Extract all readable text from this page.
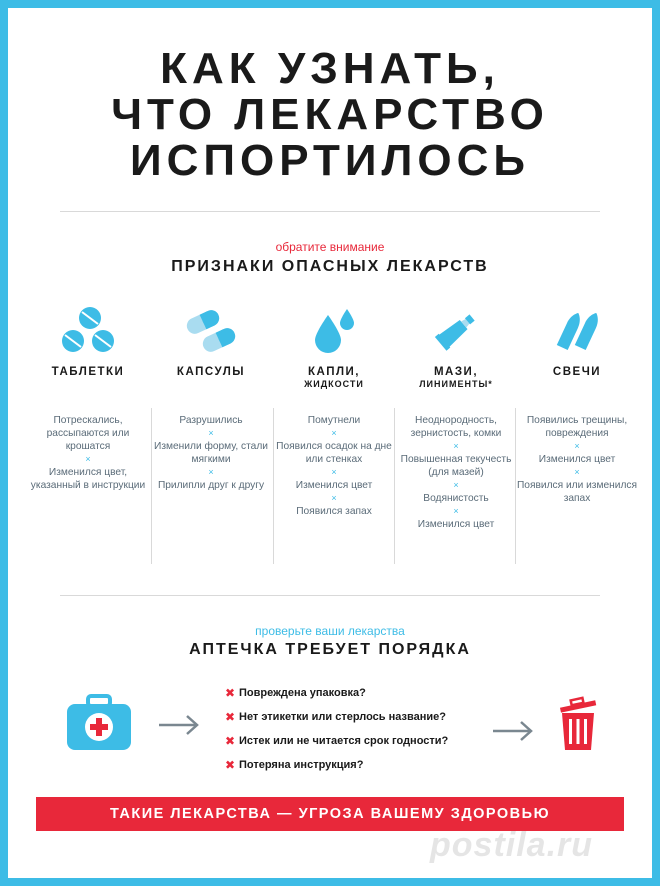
КАК УЗНАТЬ,
ЧТО ЛЕКАРСТВО
ИСПОРТИЛОСЬ
обратите внимание
ПРИЗНАКИ ОПАСНЫХ ЛЕКАРСТВ
ТАБЛЕТКИ
Потрескались, рассыпаются или крошатся
×
Изменился цвет, указанный в инструкции
КАПСУЛЫ
Разрушились
×
Изменили форму, стали мягкими
×
Прилипли друг к другу
КАПЛИ,
ЖИДКОСТИ
Помутнели
×
Появился осадок на дне или стенках
×
Изменился цвет
×
Появился запах
МАЗИ,
ЛИНИМЕНТЫ*
Неоднородность, зернистость, комки
×
Повышенная текучесть (для мазей)
×
Водянистость
×
Изменился цвет
СВЕЧИ
Появились трещины, повреждения
×
Изменился цвет
×
Появился или изменился запах
проверьте ваши лекарства
АПТЕЧКА ТРЕБУЕТ ПОРЯДКА
✖ Повреждена упаковка?
✖ Нет этикетки или стерлось название?
✖ Истек или не читается срок годности?
✖ Потеряна инструкция?
ТАКИЕ ЛЕКАРСТВА — УГРОЗА ВАШЕМУ ЗДОРОВЬЮ
postila.ru
